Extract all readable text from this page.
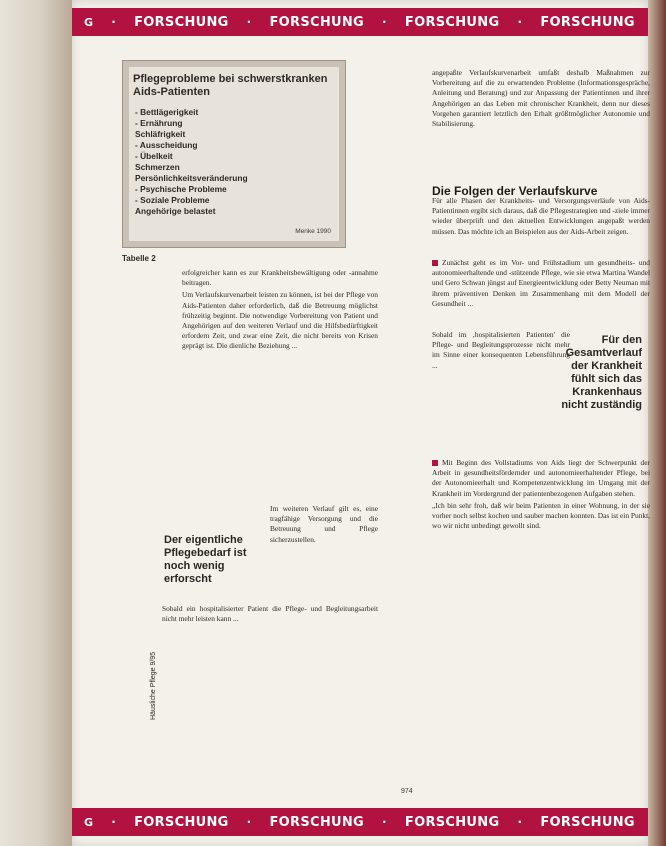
G	·	FORSCHUNG	·	FORSCHUNG	·	FORSCHUNG	·	FORSCHUNG
Pflegeprobleme bei schwerstkranken Aids-Patienten
- Bettlägerigkeit
- Ernährung
Schläfrigkeit
- Ausscheidung
- Übelkeit
Schmerzen
Persönlichkeitsveränderung
- Psychische Probleme
- Soziale Probleme
Angehörige belastet
Menke 1990
Tabelle 2

erfolgreicher kann es zur Krankheitsbewältigung oder -annahme beitragen.

Um Verlaufskurvenarbeit leisten zu können, ist bei der Pflege von Aids-Patienten daher erforderlich, daß die Betreuung möglichst frühzeitig beginnt. Die notwendige Vorbereitung von Patient und Angehörigen auf den weiteren Verlauf und die Hilfsbedürftigkeit erfordern Zeit, und zwar eine Zeit, die nicht bereits von Krisen geprägt ist. Die dienliche Beziehung ...

Der eigentliche Pflegebedarf ist noch wenig erforscht

Im weiteren Verlauf gilt es, eine tragfähige Versorgung und die Betreuung und Pflege sicherzustellen.

Sobald ein hospitalisierter Patient die Pflege- und Begleitungsarbeit nicht mehr leisten kann ...

Häusliche Pflege 9/95

angepaßte Verlaufskurvenarbeit umfaßt deshalb Maßnahmen zur Vorbereitung auf die zu erwartenden Probleme (Informationsgespräche, Anleitung und Beratung) und zur Anpassung der Patientinnen und ihrer Angehörigen an das Leben mit chronischer Krankheit, denn nur dieses Vorgehen garantiert letztlich den Erhalt größtmöglicher Autonomie und Stabilisierung.

Die Folgen der Verlaufskurve

Für alle Phasen der Krankheits- und Versorgungsverläufe von Aids-Patientinnen ergibt sich daraus, daß die Pflegestrategien und -ziele immer wieder überprüft und den aktuellen Entwicklungen angepaßt werden müssen. Das möchte ich an Beispielen aus der Aids-Arbeit zeigen.

Zunächst geht es im Vor- und Frühstadium um gesundheits- und autonomieerhaltende und -stützende Pflege, wie sie etwa Martina Wandel und Gero Schwan jüngst auf Energieentwicklung oder Betty Neuman mit ihrem präventiven Denken im Zusammenhang mit dem Modell der Gesundheit ...

Sobald im ‚hospitalisierten Patienten' die Pflege- und Begleitungsprozesse nicht mehr im Sinne einer konsequenten Lebensführung ...

Für den Gesamtverlauf der Krankheit fühlt sich das Krankenhaus nicht zuständig

Mit Beginn des Vollstadiums von Aids liegt der Schwerpunkt der Arbeit in gesundheitsfördernder und autonomieerhaltender Pflege, bei der Autonomieerhalt und Kompetenzentwicklung im Umgang mit der Krankheit im Vordergrund der patientenbezogenen Aufgaben stehen.

„Ich bin sehr froh, daß wir beim Patienten in einer Wohnung, in der sie vorher noch selbst kochen und sauber machen konnten. Das ist ein Punkt, wo wir nicht unbedingt gewollt sind.

974
G	·	FORSCHUNG	·	FORSCHUNG	·	FORSCHUNG	·	FORSCHUNG
